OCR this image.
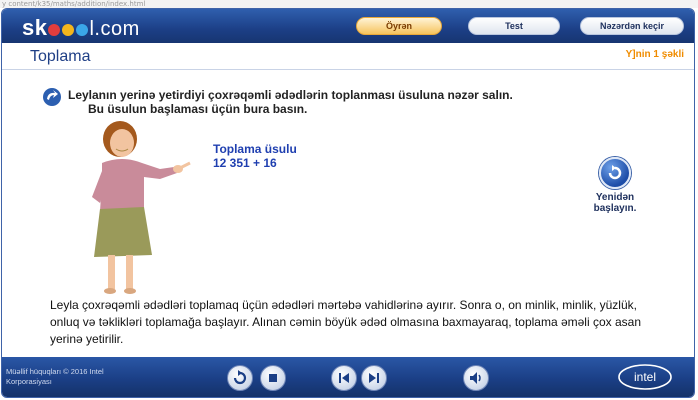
y content/k35/maths/addition/index.html
sk l.com	Öyrən	Test	Nəzərdən keçir
Toplama	Y]nin 1 şəkli
Leylanın yerinə yetirdiyi çoxrəqəmli ədədlərin toplanması üsuluna nəzər salın.
Bu üsulun başlaması üçün bura basın.
Toplama üsulu
12 351 + 16
Yenidən
başlayın.
Leyla çoxrəqəmli ədədləri toplamaq üçün ədədləri mərtəbə vahidlərinə ayırır. Sonra o, on minlik, minlik, yüzlük, onluq və təklikləri toplamağa başlayır. Alınan cəmin böyük ədəd olmasına baxmayaraq, toplama əməli çox asan yerinə yetirilir.
Müəllif hüquqları © 2016 Intel
Korporasiyası	intel
